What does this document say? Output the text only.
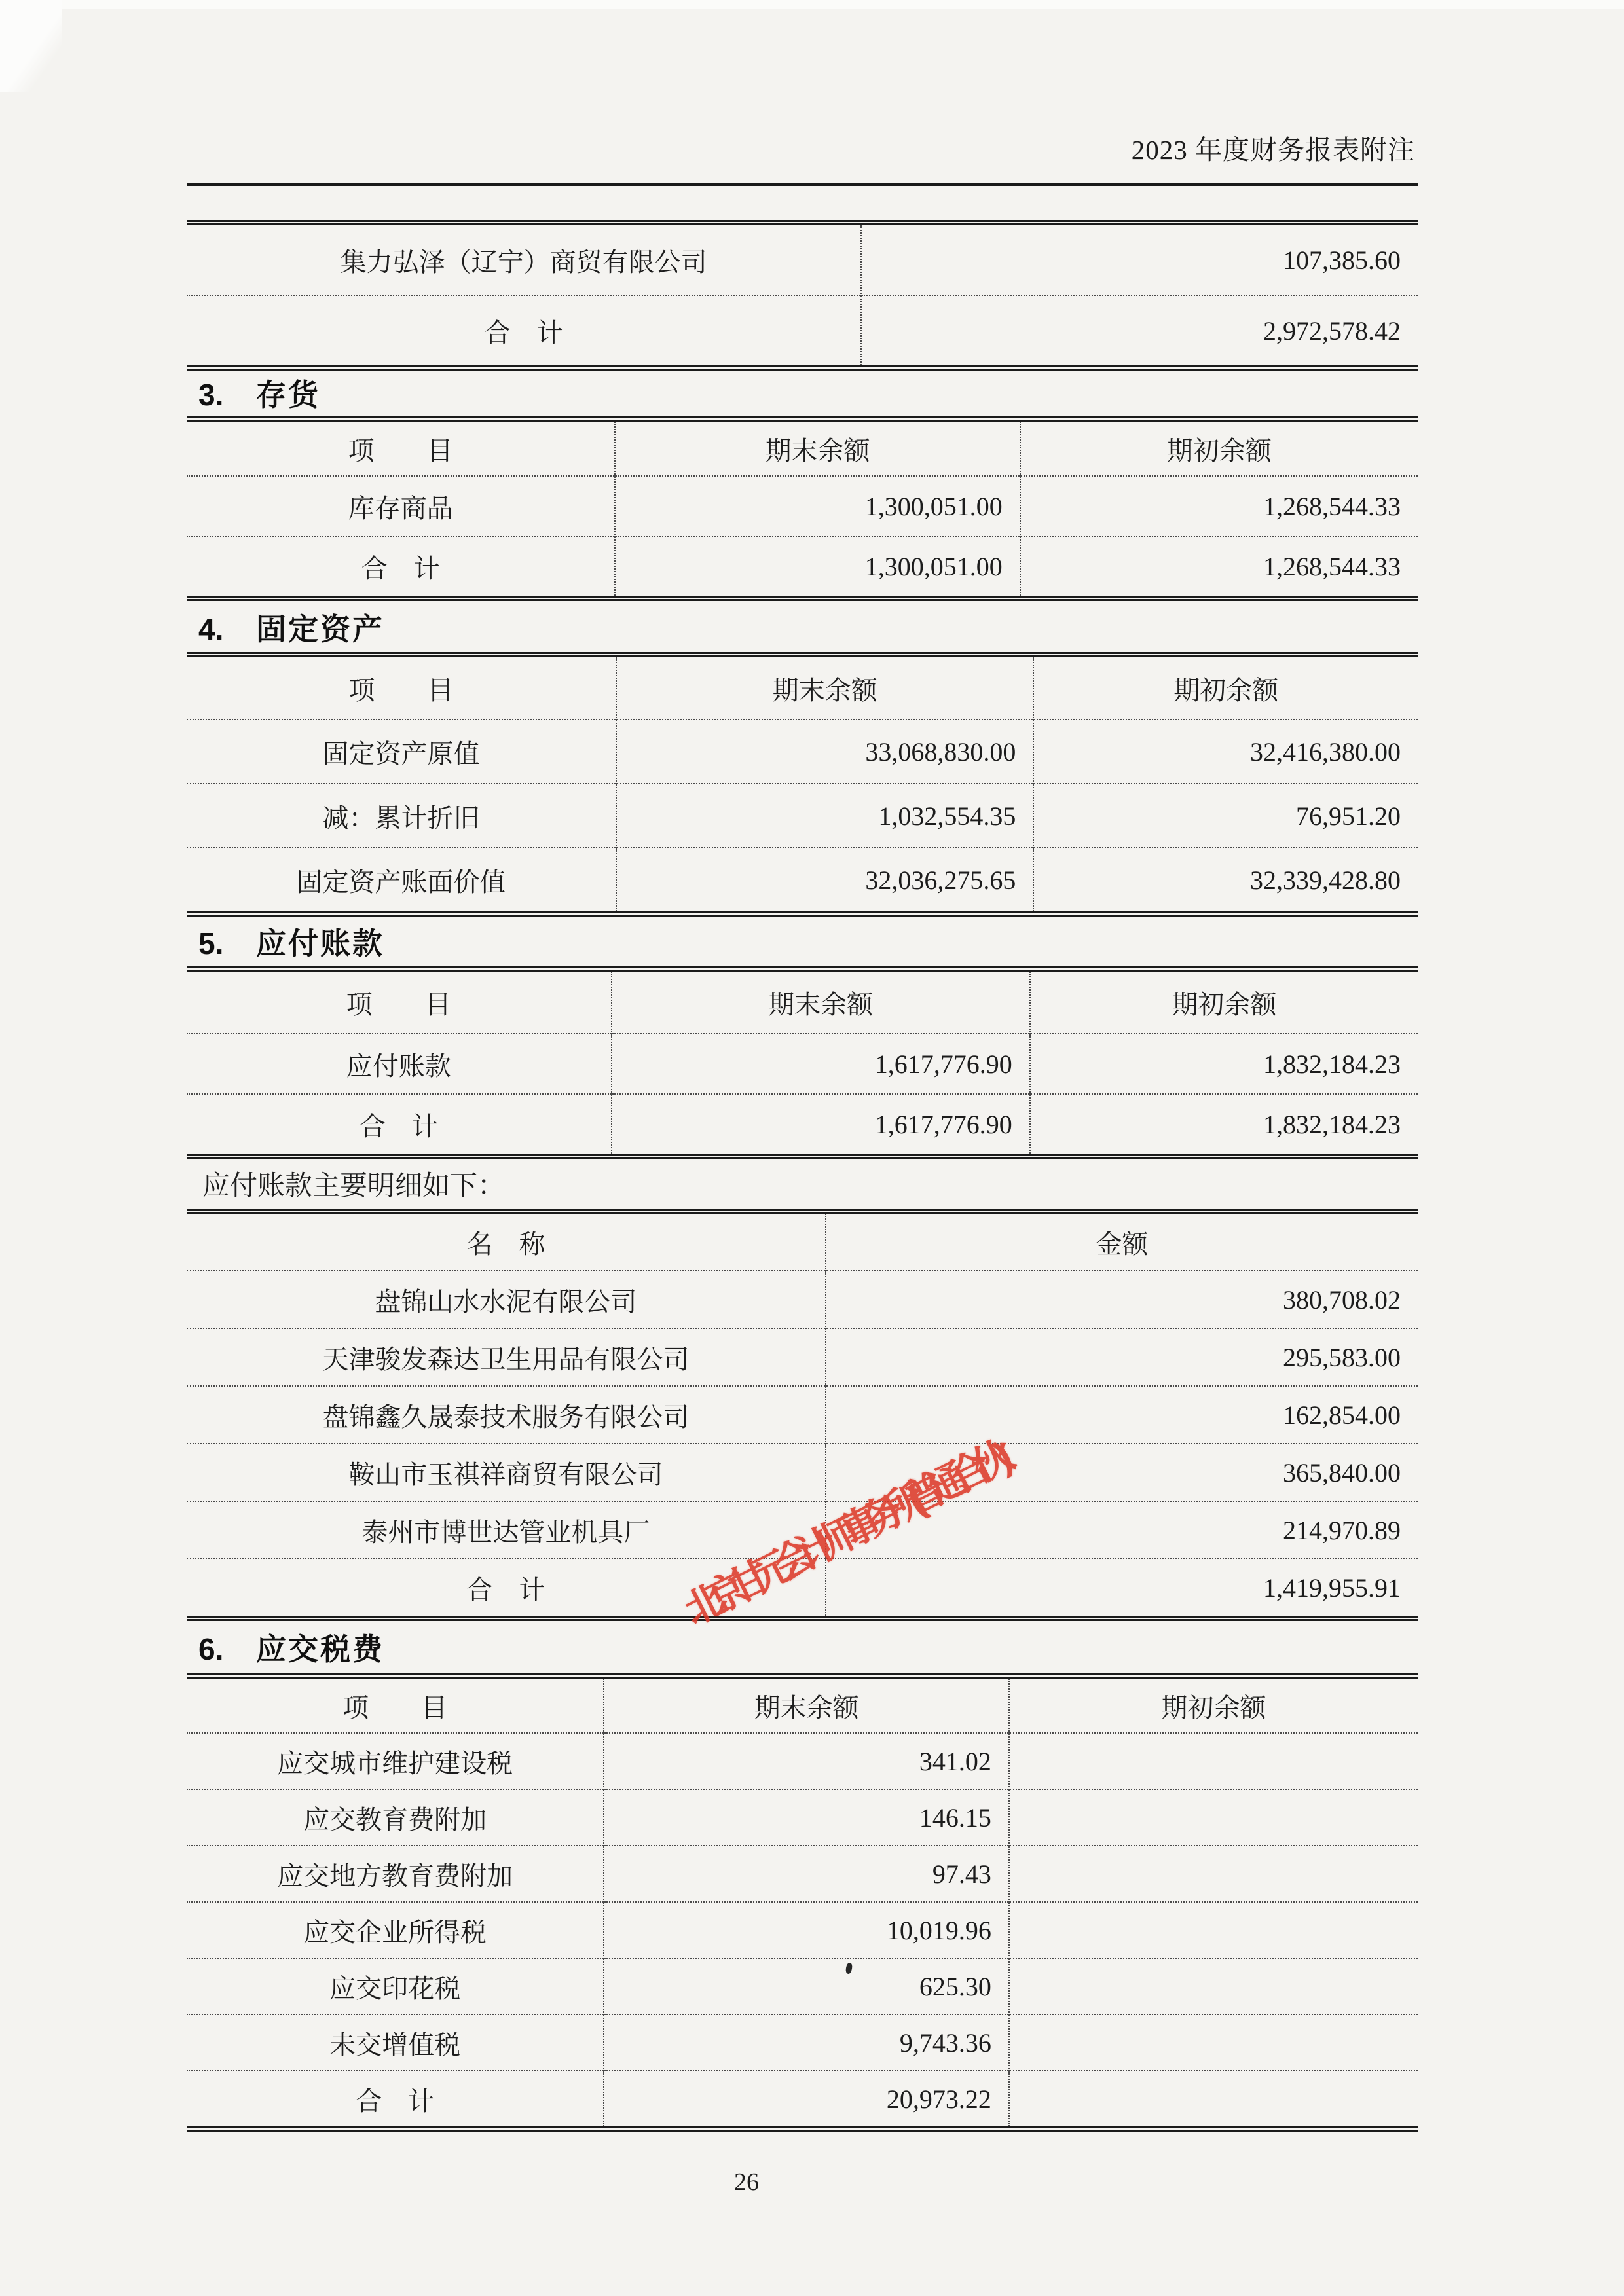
2023 年度财务报表附注
集力弘泽（辽宁）商贸有限公司	107,385.60
合　计	2,972,578.42
3.	存货
项　　目	期末余额	期初余额
库存商品	1,300,051.00	1,268,544.33
合　计	1,300,051.00	1,268,544.33
4.	固定资产
项　　目	期末余额	期初余额
固定资产原值	33,068,830.00	32,416,380.00
减：累计折旧	1,032,554.35	76,951.20
固定资产账面价值	32,036,275.65	32,339,428.80
5.	应付账款
项　　目	期末余额	期初余额
应付账款	1,617,776.90	1,832,184.23
合　计	1,617,776.90	1,832,184.23
应付账款主要明细如下：
名　称	金额
盘锦山水水泥有限公司	380,708.02
天津骏发森达卫生用品有限公司	295,583.00
盘锦鑫久晟泰技术服务有限公司	162,854.00
鞍山市玉祺祥商贸有限公司	365,840.00
泰州市博世达管业机具厂	214,970.89
合　计	1,419,955.91
6.	应交税费
项　　目	期末余额	期初余额
应交城市维护建设税	341.02	
应交教育费附加	146.15	
应交地方教育费附加	97.43	
应交企业所得税	10,019.96	
应交印花税	625.30	
未交增值税	9,743.36	
合　计	20,973.22	
26
北京甘元会计师事务所(普通合伙)
